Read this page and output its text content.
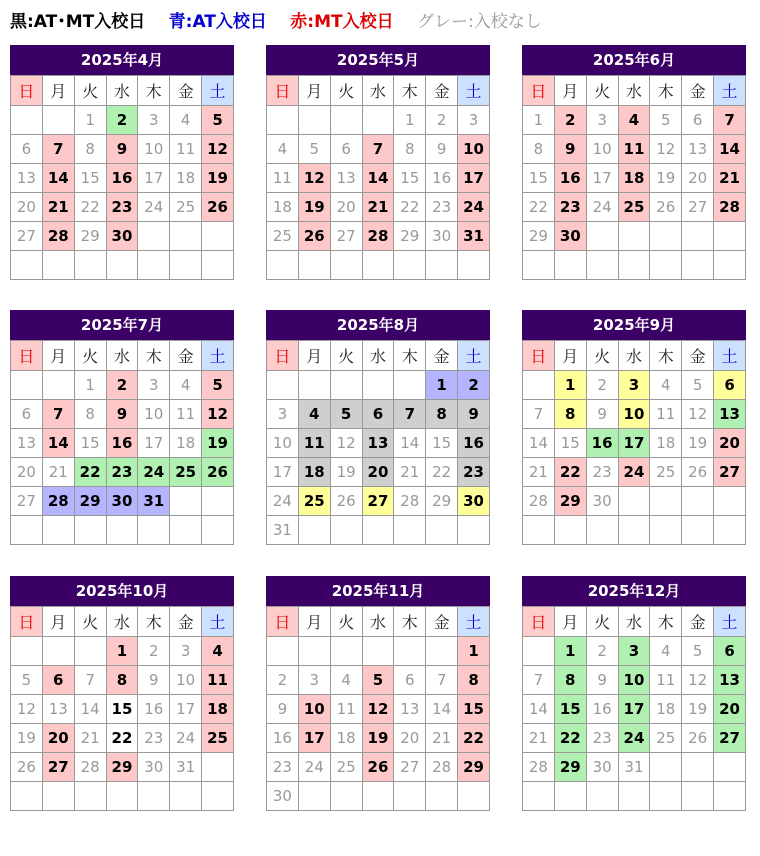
黒:AT･MT入校日 青:AT入校日 赤:MT入校日 グレー:入校なし
2025年4月
日	月	火	水	木	金	土
		1	2	3	4	5
6	7	8	9	10	11	12
13	14	15	16	17	18	19
20	21	22	23	24	25	26
27	28	29	30			

2025年5月
日	月	火	水	木	金	土
				1	2	3
4	5	6	7	8	9	10
11	12	13	14	15	16	17
18	19	20	21	22	23	24
25	26	27	28	29	30	31

2025年6月
日	月	火	水	木	金	土
1	2	3	4	5	6	7
8	9	10	11	12	13	14
15	16	17	18	19	20	21
22	23	24	25	26	27	28
29	30					

2025年7月
日	月	火	水	木	金	土
		1	2	3	4	5
6	7	8	9	10	11	12
13	14	15	16	17	18	19
20	21	22	23	24	25	26
27	28	29	30	31		

2025年8月
日	月	火	水	木	金	土
					1	2
3	4	5	6	7	8	9
10	11	12	13	14	15	16
17	18	19	20	21	22	23
24	25	26	27	28	29	30
31						
2025年9月
日	月	火	水	木	金	土
	1	2	3	4	5	6
7	8	9	10	11	12	13
14	15	16	17	18	19	20
21	22	23	24	25	26	27
28	29	30				

2025年10月
日	月	火	水	木	金	土
			1	2	3	4
5	6	7	8	9	10	11
12	13	14	15	16	17	18
19	20	21	22	23	24	25
26	27	28	29	30	31	

2025年11月
日	月	火	水	木	金	土
						1
2	3	4	5	6	7	8
9	10	11	12	13	14	15
16	17	18	19	20	21	22
23	24	25	26	27	28	29
30						
2025年12月
日	月	火	水	木	金	土
	1	2	3	4	5	6
7	8	9	10	11	12	13
14	15	16	17	18	19	20
21	22	23	24	25	26	27
28	29	30	31			
